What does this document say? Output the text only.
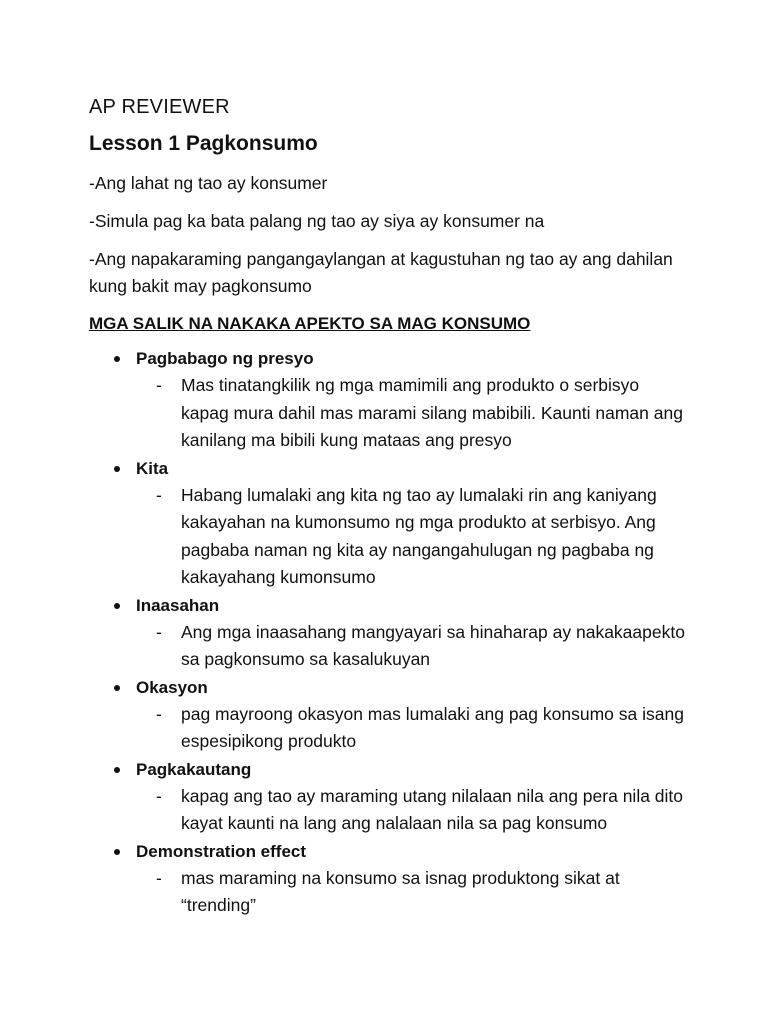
AP REVIEWER
Lesson 1 Pagkonsumo

-Ang lahat ng tao ay konsumer

-Simula pag ka bata palang ng tao ay siya ay konsumer na

-Ang napakaraming pangangaylangan at kagustuhan ng tao ay ang dahilan kung bakit may pagkonsumo

MGA SALIK NA NAKAKA APEKTO SA MAG KONSUMO
Pagbabago ng presyo
- Mas tinatangkilik ng mga mamimili ang produkto o serbisyo kapag mura dahil mas marami silang mabibili. Kaunti naman ang kanilang ma bibili kung mataas ang presyo
Kita
- Habang lumalaki ang kita ng tao ay lumalaki rin ang kaniyang kakayahan na kumonsumo ng mga produkto at serbisyo. Ang pagbaba naman ng kita ay nangangahulugan ng pagbaba ng kakayahang kumonsumo
Inaasahan
- Ang mga inaasahang mangyayari sa hinaharap ay nakakaapekto sa pagkonsumo sa kasalukuyan
Okasyon
- pag mayroong okasyon mas lumalaki ang pag konsumo sa isang espesipikong produkto
Pagkakautang
- kapag ang tao ay maraming utang nilalaan nila ang pera nila dito kayat kaunti na lang ang nalalaan nila sa pag konsumo
Demonstration effect
- mas maraming na konsumo sa isnag produktong sikat at “trending”
